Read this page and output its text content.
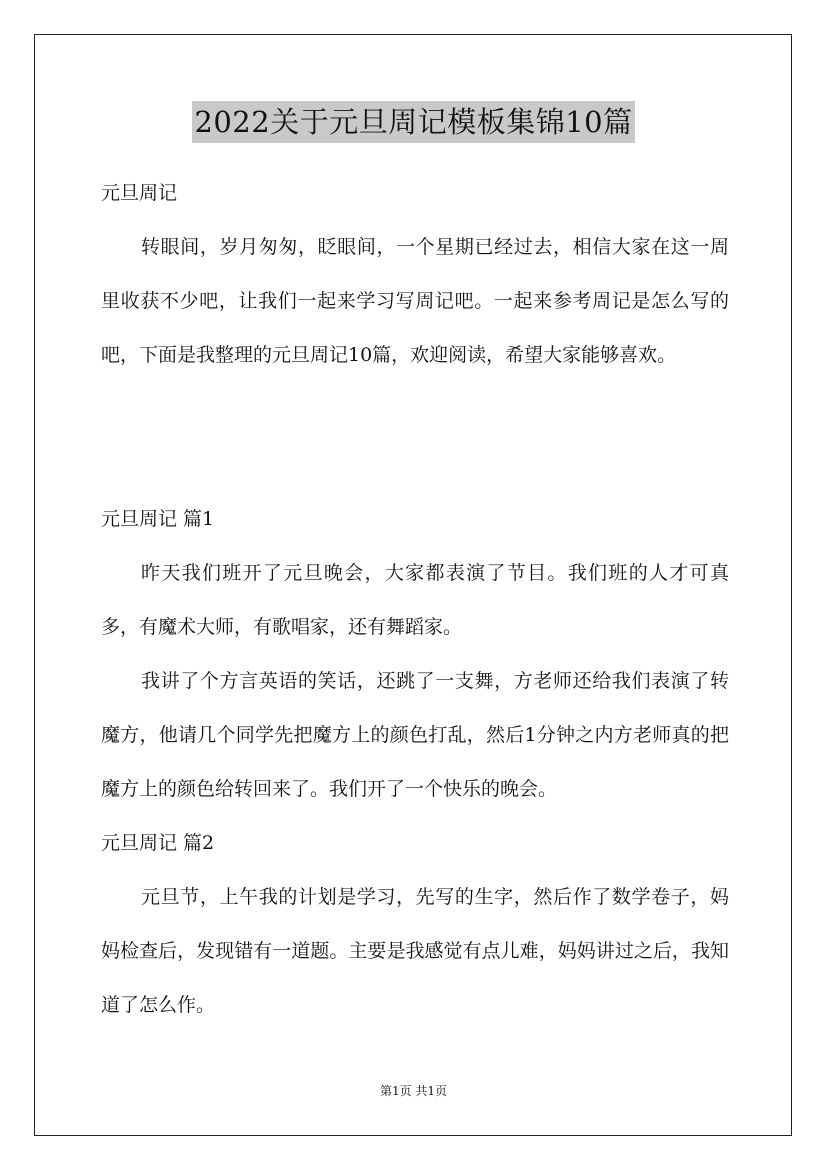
2022关于元旦周记模板集锦10篇
元旦周记

转眼间，岁月匆匆，眨眼间，一个星期已经过去，相信大家在这一周里收获不少吧，让我们一起来学习写周记吧。一起来参考周记是怎么写的吧，下面是我整理的元旦周记10篇，欢迎阅读，希望大家能够喜欢。

元旦周记 篇1

昨天我们班开了元旦晚会，大家都表演了节目。我们班的人才可真多，有魔术大师，有歌唱家，还有舞蹈家。

我讲了个方言英语的笑话，还跳了一支舞，方老师还给我们表演了转魔方，他请几个同学先把魔方上的颜色打乱，然后1分钟之内方老师真的把魔方上的颜色给转回来了。我们开了一个快乐的晚会。

元旦周记 篇2

元旦节，上午我的计划是学习，先写的生字，然后作了数学卷子，妈妈检查后，发现错有一道题。主要是我感觉有点儿难，妈妈讲过之后，我知道了怎么作。

第1页 共1页
